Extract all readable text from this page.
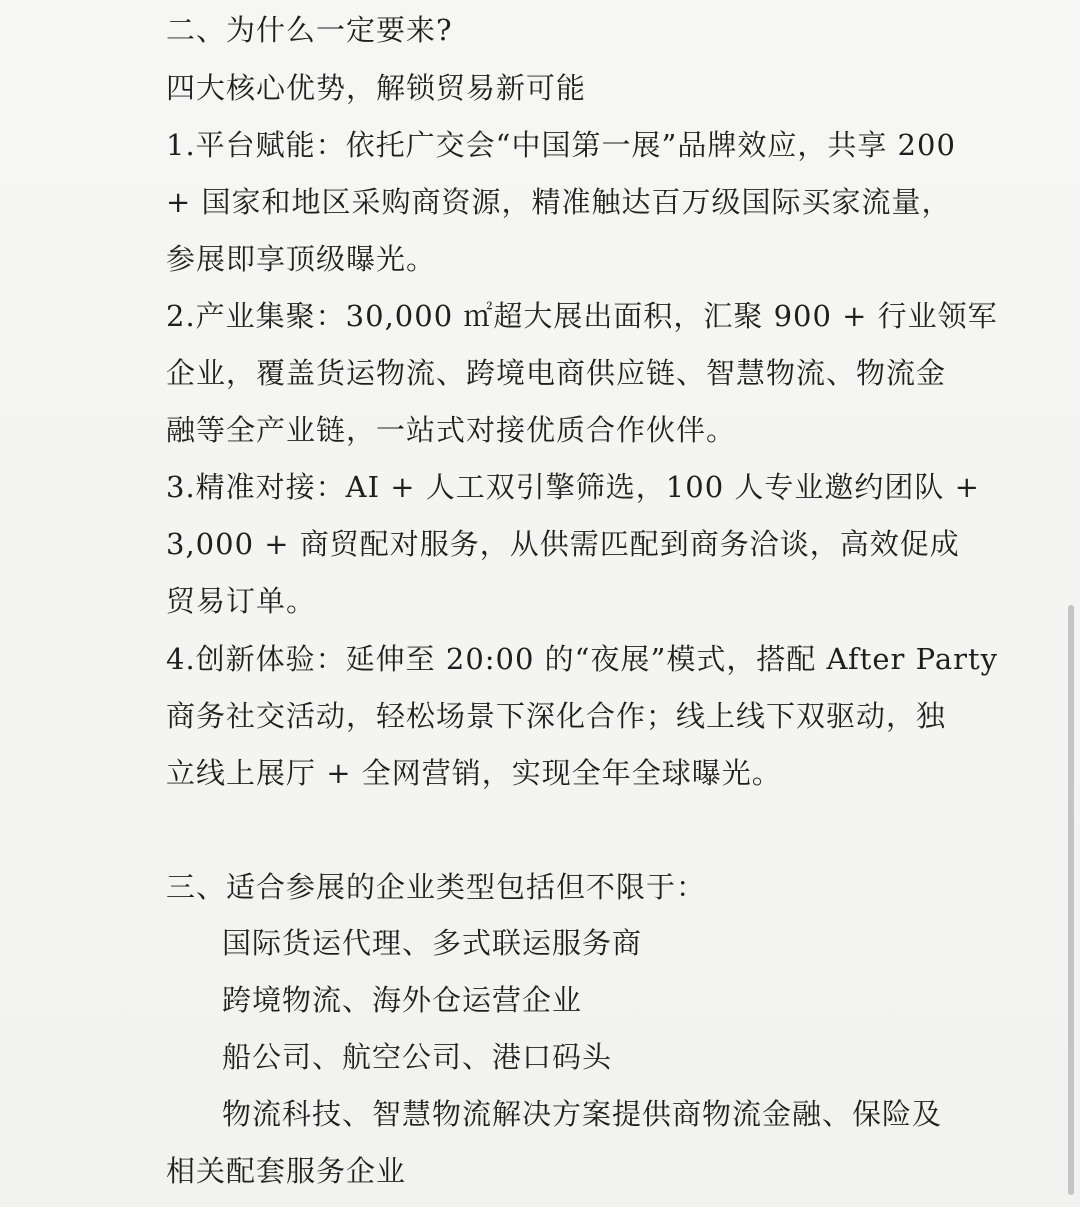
二、为什么一定要来?
四大核心优势，解锁贸易新可能
1.平台赋能：依托广交会“中国第一展”品牌效应，共享 200
+ 国家和地区采购商资源，精准触达百万级国际买家流量，
参展即享顶级曝光。
2.产业集聚：30,000 ㎡超大展出面积，汇聚 900 + 行业领军
企业，覆盖货运物流、跨境电商供应链、智慧物流、物流金
融等全产业链，一站式对接优质合作伙伴。
3.精准对接：AI + 人工双引擎筛选，100 人专业邀约团队 +
3,000 + 商贸配对服务，从供需匹配到商务洽谈，高效促成
贸易订单。
4.创新体验：延伸至 20:00 的“夜展”模式，搭配 After Party
商务社交活动，轻松场景下深化合作；线上线下双驱动，独
立线上展厅 + 全网营销，实现全年全球曝光。
三、适合参展的企业类型包括但不限于：
国际货运代理、多式联运服务商
跨境物流、海外仓运营企业
船公司、航空公司、港口码头
物流科技、智慧物流解决方案提供商物流金融、保险及
相关配套服务企业
